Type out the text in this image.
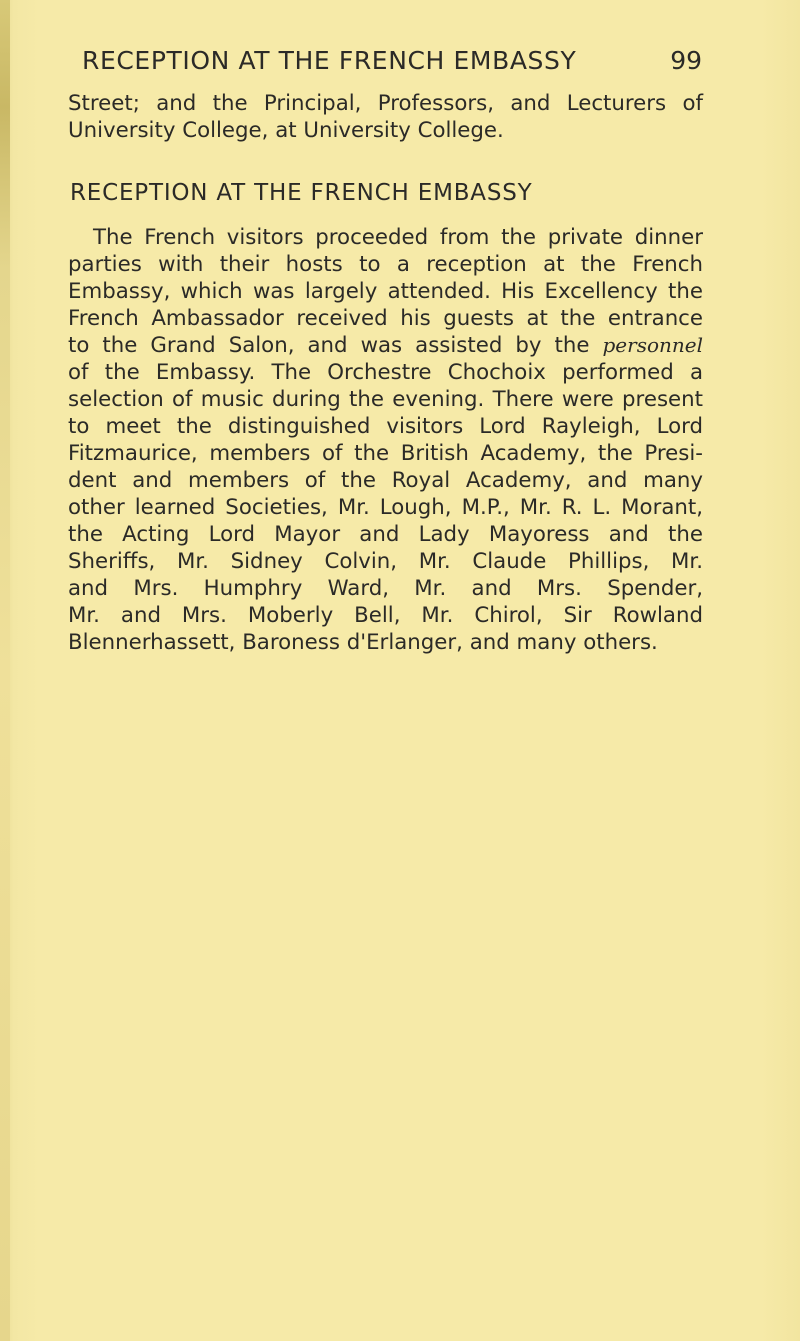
RECEPTION AT THE FRENCH EMBASSY	99
Street; and the Principal, Professors, and Lecturers of
University College, at University College.
RECEPTION AT THE FRENCH EMBASSY
The French visitors proceeded from the private dinner
parties with their hosts to a reception at the French
Embassy, which was largely attended. His Excellency the
French Ambassador received his guests at the entrance
to the Grand Salon, and was assisted by the personnel
of the Embassy. The Orchestre Chochoix performed a
selection of music during the evening. There were present
to meet the distinguished visitors Lord Rayleigh, Lord
Fitzmaurice, members of the British Academy, the Presi-
dent and members of the Royal Academy, and many
other learned Societies, Mr. Lough, M.P., Mr. R. L. Morant,
the Acting Lord Mayor and Lady Mayoress and the
Sheriffs, Mr. Sidney Colvin, Mr. Claude Phillips, Mr.
and Mrs. Humphry Ward, Mr. and Mrs. Spender,
Mr. and Mrs. Moberly Bell, Mr. Chirol, Sir Rowland
Blennerhassett, Baroness d'Erlanger, and many others.
